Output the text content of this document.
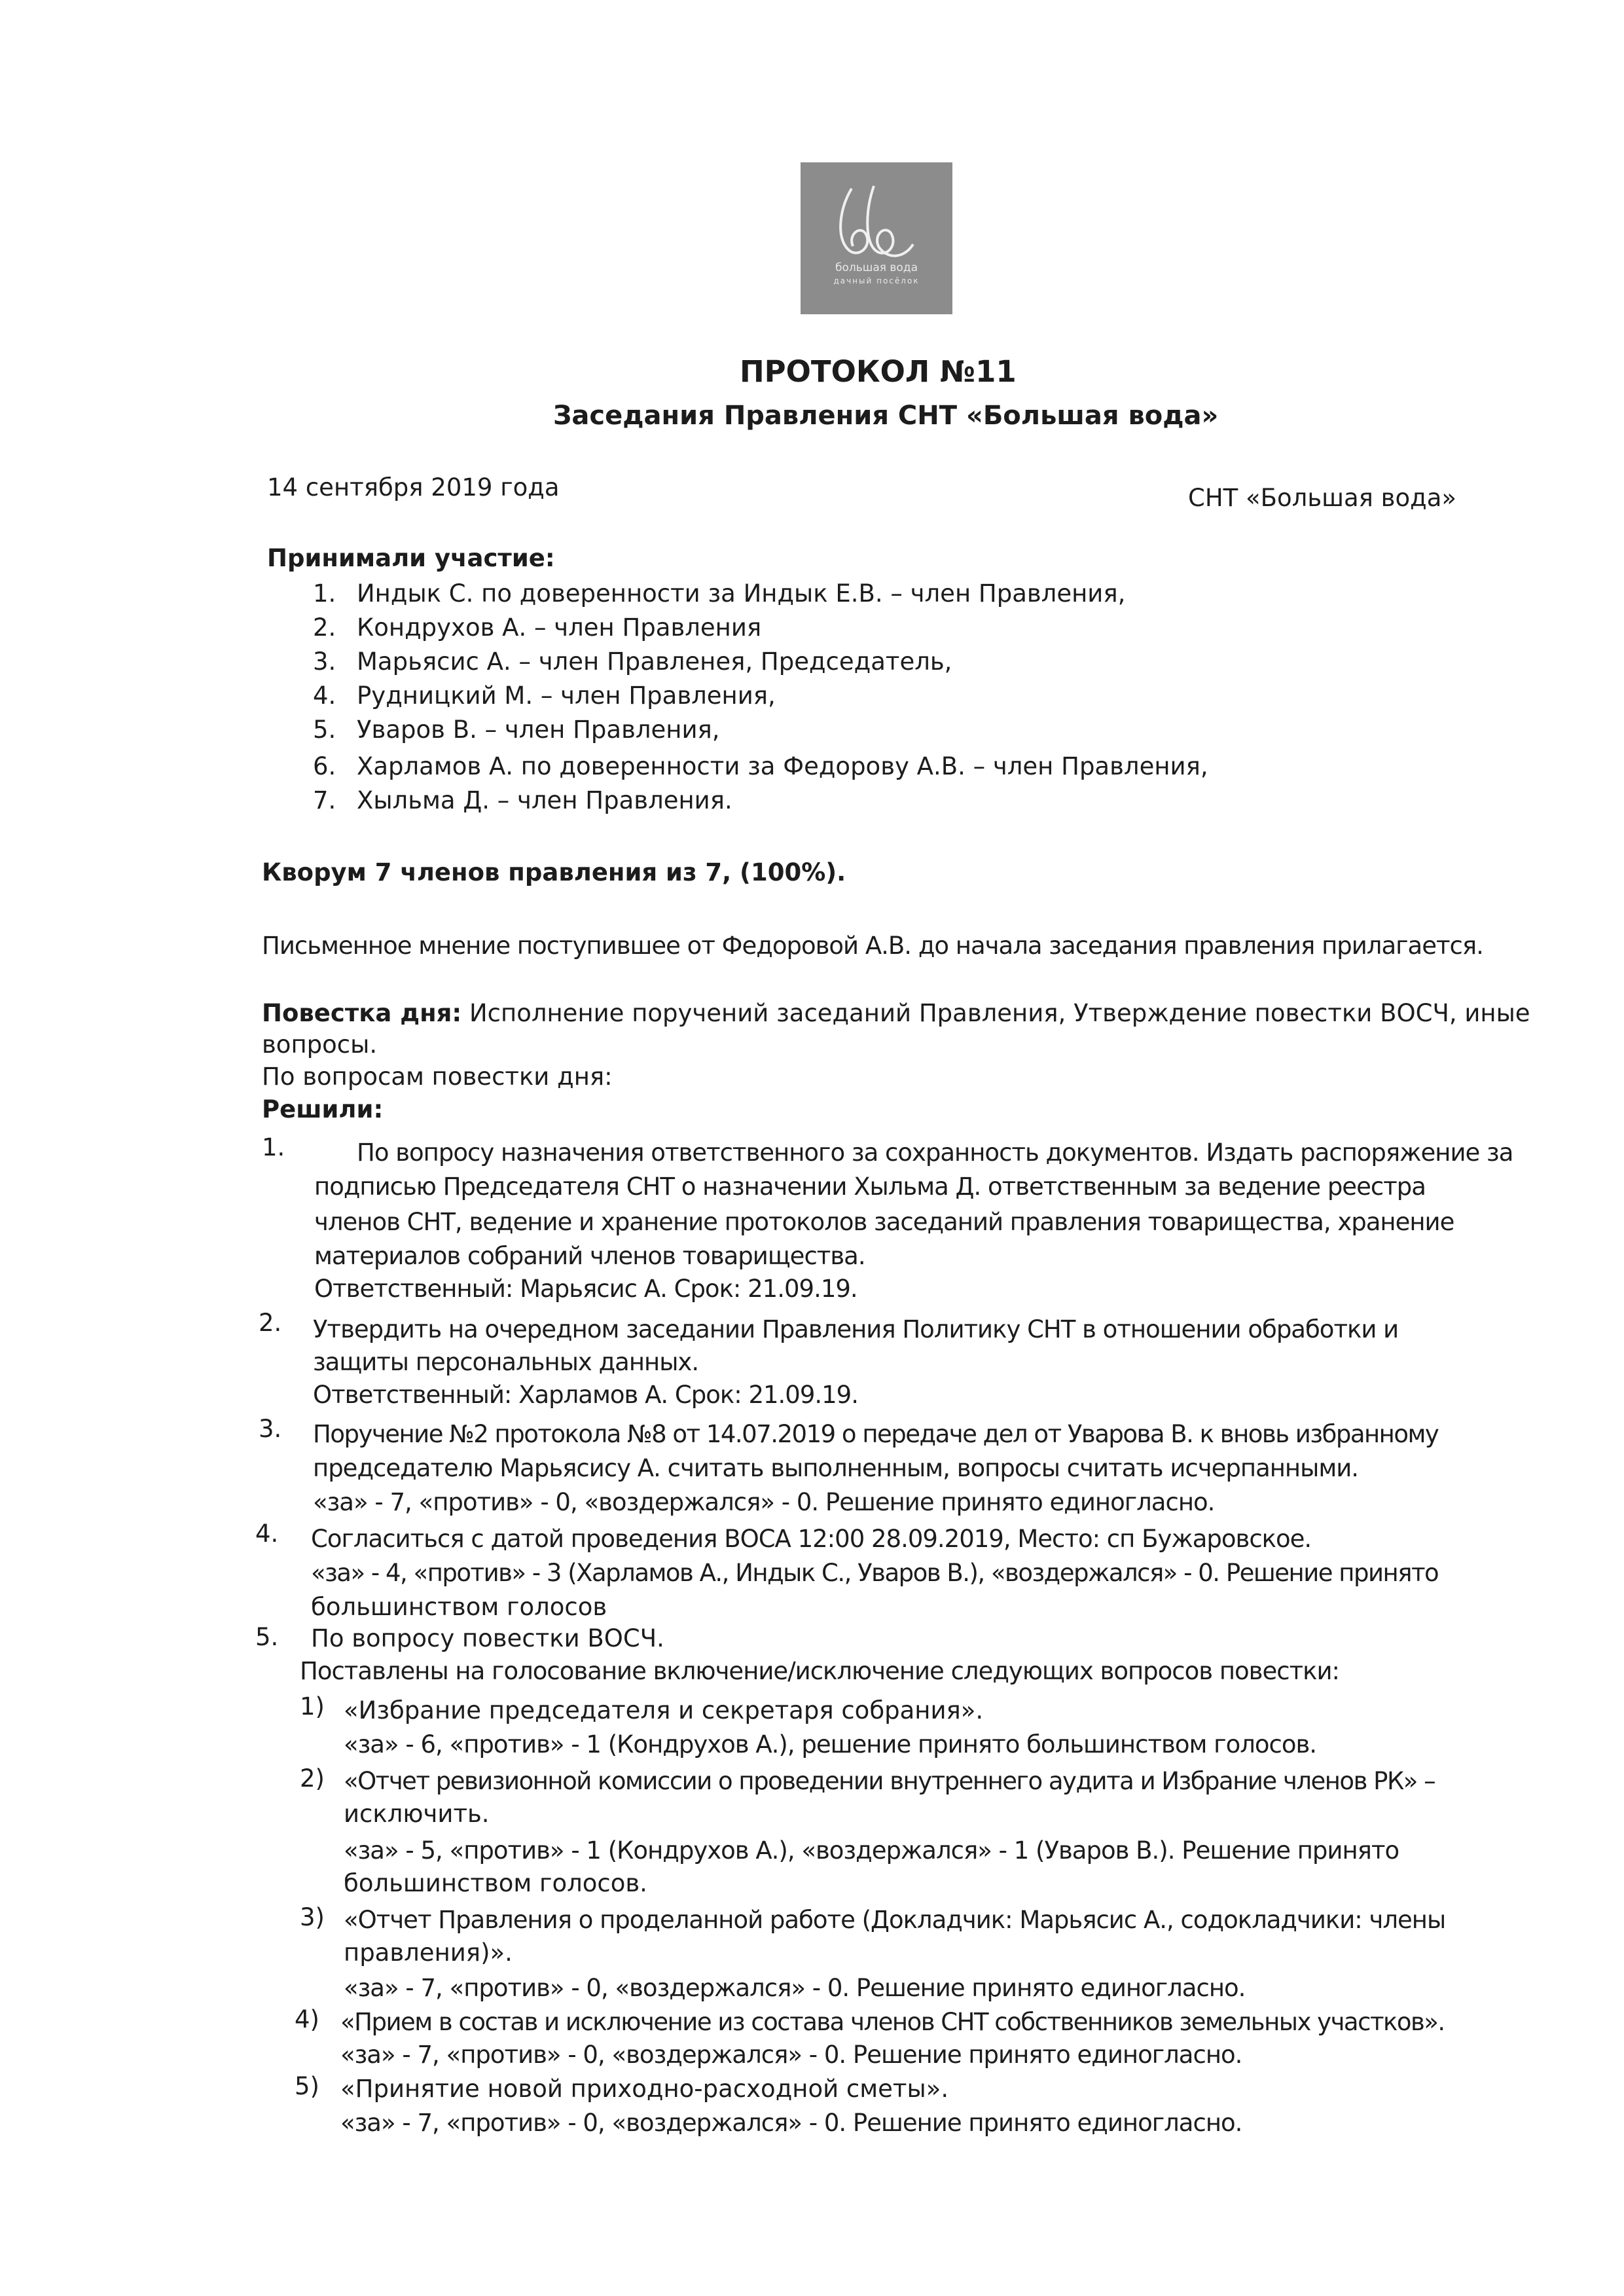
большая вода
дачный посёлок
ПРОТОКОЛ №11
Заседания Правления СНТ «Большая вода»
14 сентября 2019 года	СНТ «Большая вода»
Принимали участие:
1. Индык С. по доверенности за Индык Е.В. – член Правления,
2. Кондрухов А. – член Правления
3. Марьясис А. – член Правленея, Председатель,
4. Рудницкий М. – член Правления,
5. Уваров В. – член Правления,
6. Харламов А. по доверенности за Федорову А.В. – член Правления,
7. Хыльма Д. – член Правления.
Кворум 7 членов правления из 7, (100%).
Письменное мнение поступившее от Федоровой А.В. до начала заседания правления прилагается.
Повестка дня: Исполнение поручений заседаний Правления, Утверждение повестки ВОСЧ, иные
вопросы.
По вопросам повестки дня:
Решили:
1.	По вопросу назначения ответственного за сохранность документов. Издать распоряжение за
подписью Председателя СНТ о назначении Хыльма Д. ответственным за ведение реестра
членов СНТ, ведение и хранение протоколов заседаний правления товарищества, хранение
материалов собраний членов товарищества.
Ответственный: Марьясис А. Срок: 21.09.19.
2. Утвердить на очередном заседании Правления Политику СНТ в отношении обработки и
защиты персональных данных.
Ответственный: Харламов А. Срок: 21.09.19.
3. Поручение №2 протокола №8 от 14.07.2019 о передаче дел от Уварова В. к вновь избранному
председателю Марьясису А. считать выполненным, вопросы считать исчерпанными.
«за» - 7, «против» - 0, «воздержался» - 0. Решение принято единогласно.
4. Согласиться с датой проведения ВОСА 12:00 28.09.2019, Место: сп Бужаровское.
«за» - 4, «против» - 3 (Харламов А., Индык С., Уваров В.), «воздержался» - 0. Решение принято
большинством голосов
5. По вопросу повестки ВОСЧ.
Поставлены на голосование включение/исключение следующих вопросов повестки:
1) «Избрание председателя и секретаря собрания».
«за» - 6, «против» - 1 (Кондрухов А.), решение принято большинством голосов.
2) «Отчет ревизионной комиссии о проведении внутреннего аудита и Избрание членов РК» –
исключить.
«за» - 5, «против» - 1 (Кондрухов А.), «воздержался» - 1 (Уваров В.). Решение принято
большинством голосов.
3) «Отчет Правления о проделанной работе (Докладчик: Марьясис А., содокладчики: члены
правления)».
«за» - 7, «против» - 0, «воздержался» - 0. Решение принято единогласно.
4) «Прием в состав и исключение из состава членов СНТ собственников земельных участков».
«за» - 7, «против» - 0, «воздержался» - 0. Решение принято единогласно.
5) «Принятие новой приходно-расходной сметы».
«за» - 7, «против» - 0, «воздержался» - 0. Решение принято единогласно.
